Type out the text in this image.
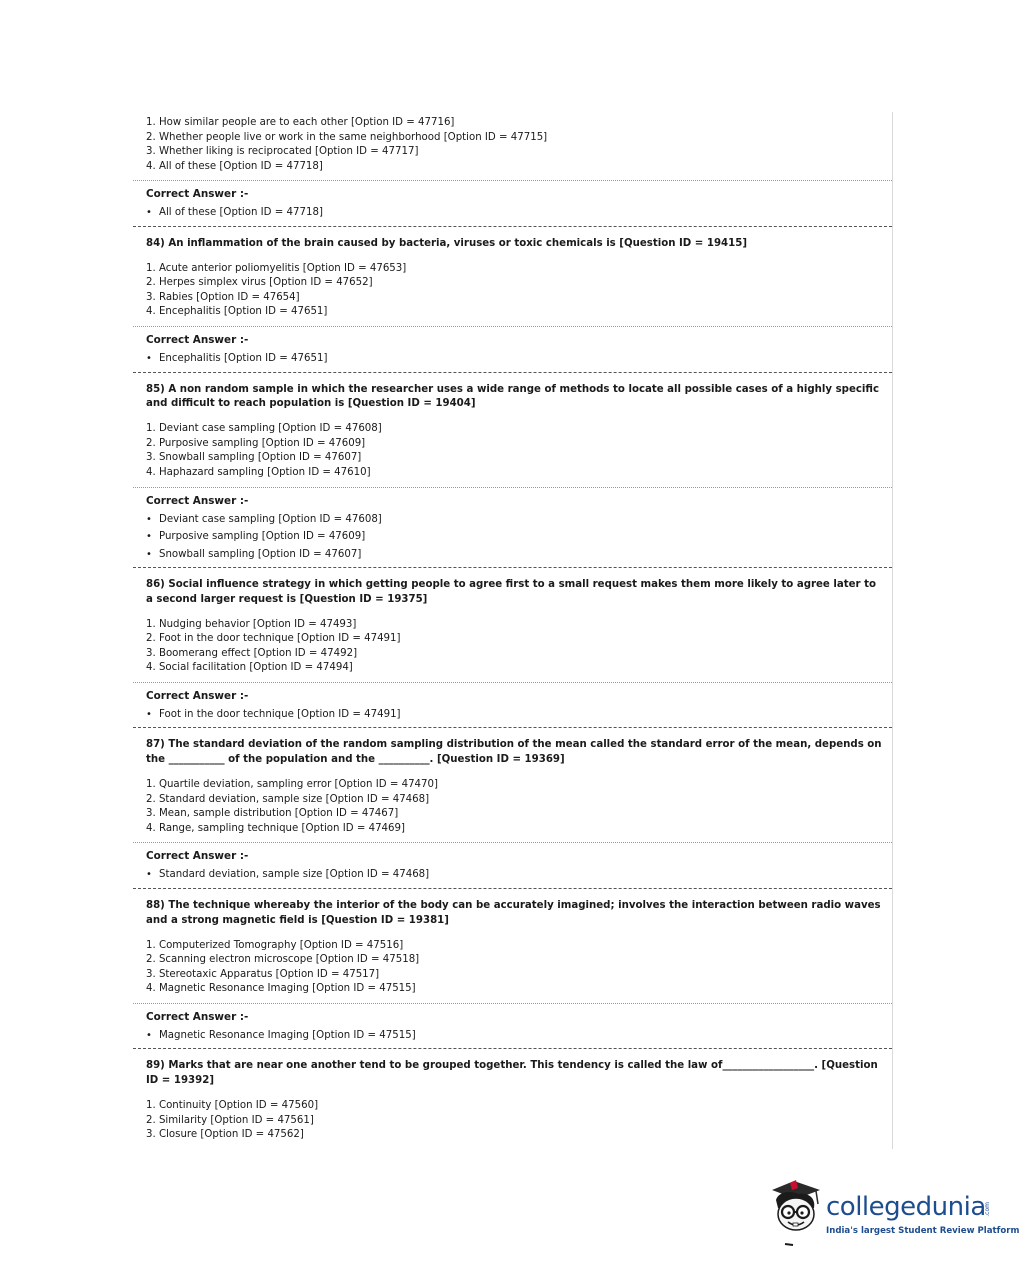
1. How similar people are to each other [Option ID = 47716]
2. Whether people live or work in the same neighborhood [Option ID = 47715]
3. Whether liking is reciprocated [Option ID = 47717]
4. All of these [Option ID = 47718]
Correct Answer :-
• All of these [Option ID = 47718]
84) An inflammation of the brain caused by bacteria, viruses or toxic chemicals is [Question ID = 19415]
1. Acute anterior poliomyelitis [Option ID = 47653]
2. Herpes simplex virus [Option ID = 47652]
3. Rabies [Option ID = 47654]
4. Encephalitis [Option ID = 47651]
Correct Answer :-
• Encephalitis [Option ID = 47651]
85) A non random sample in which the researcher uses a wide range of methods to locate all possible cases of a highly specific and difficult to reach population is [Question ID = 19404]
1. Deviant case sampling [Option ID = 47608]
2. Purposive sampling [Option ID = 47609]
3. Snowball sampling [Option ID = 47607]
4. Haphazard sampling [Option ID = 47610]
Correct Answer :-
• Deviant case sampling [Option ID = 47608]
• Purposive sampling [Option ID = 47609]
• Snowball sampling [Option ID = 47607]
86) Social influence strategy in which getting people to agree first to a small request makes them more likely to agree later to a second larger request is [Question ID = 19375]
1. Nudging behavior [Option ID = 47493]
2. Foot in the door technique [Option ID = 47491]
3. Boomerang effect [Option ID = 47492]
4. Social facilitation [Option ID = 47494]
Correct Answer :-
• Foot in the door technique [Option ID = 47491]
87) The standard deviation of the random sampling distribution of the mean called the standard error of the mean, depends on the ___________ of the population and the __________. [Question ID = 19369]
1. Quartile deviation, sampling error [Option ID = 47470]
2. Standard deviation, sample size [Option ID = 47468]
3. Mean, sample distribution [Option ID = 47467]
4. Range, sampling technique [Option ID = 47469]
Correct Answer :-
• Standard deviation, sample size [Option ID = 47468]
88) The technique whereaby the interior of the body can be accurately imagined; involves the interaction between radio waves and a strong magnetic field is [Question ID = 19381]
1. Computerized Tomography [Option ID = 47516]
2. Scanning electron microscope [Option ID = 47518]
3. Stereotaxic Apparatus [Option ID = 47517]
4. Magnetic Resonance Imaging [Option ID = 47515]
Correct Answer :-
• Magnetic Resonance Imaging [Option ID = 47515]
89) Marks that are near one another tend to be grouped together. This tendency is called the law of__________________. [Question ID = 19392]
1. Continuity [Option ID = 47560]
2. Similarity [Option ID = 47561]
3. Closure [Option ID = 47562]
collegedunia
.com
India's largest Student Review Platform
